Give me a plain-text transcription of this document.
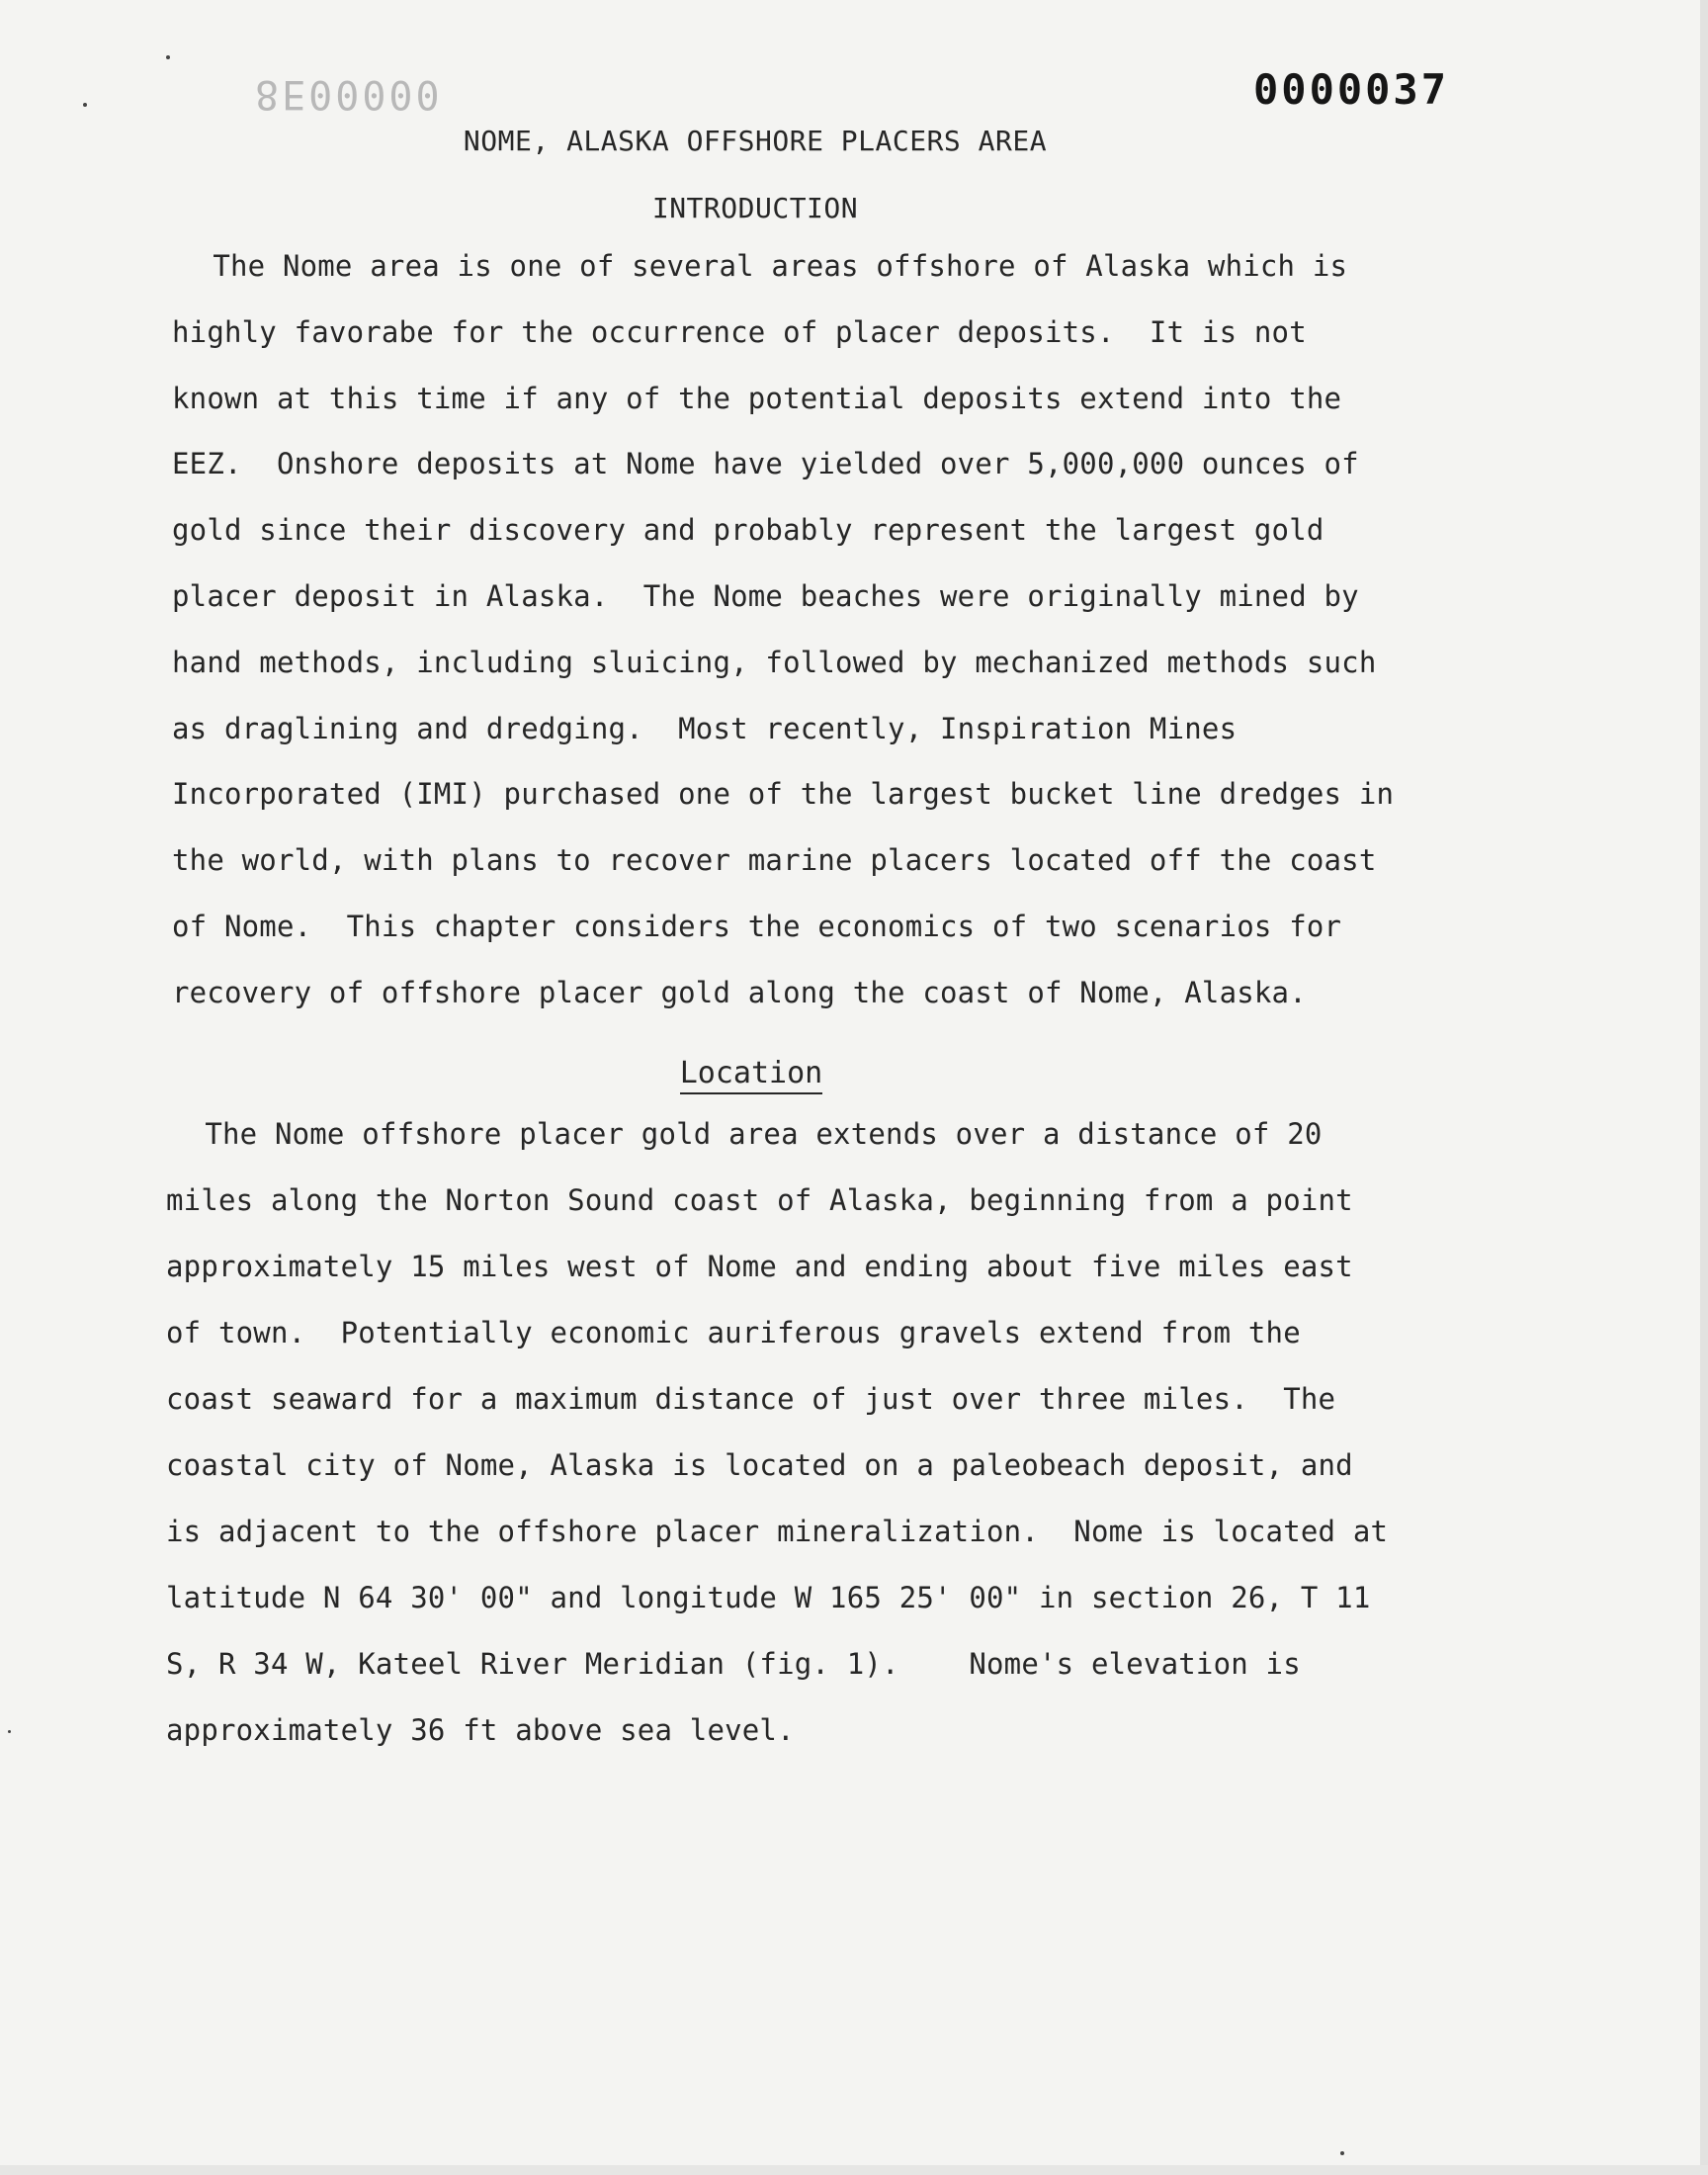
8E00000	0000037
NOME, ALASKA OFFSHORE PLACERS AREA
INTRODUCTION
The Nome area is one of several areas offshore of Alaska which is
highly favorabe for the occurrence of placer deposits.  It is not
known at this time if any of the potential deposits extend into the
EEZ.  Onshore deposits at Nome have yielded over 5,000,000 ounces of
gold since their discovery and probably represent the largest gold
placer deposit in Alaska.  The Nome beaches were originally mined by
hand methods, including sluicing, followed by mechanized methods such
as draglining and dredging.  Most recently, Inspiration Mines
Incorporated (IMI) purchased one of the largest bucket line dredges in
the world, with plans to recover marine placers located off the coast
of Nome.  This chapter considers the economics of two scenarios for
recovery of offshore placer gold along the coast of Nome, Alaska.
Location
The Nome offshore placer gold area extends over a distance of 20
miles along the Norton Sound coast of Alaska, beginning from a point
approximately 15 miles west of Nome and ending about five miles east
of town.  Potentially economic auriferous gravels extend from the
coast seaward for a maximum distance of just over three miles.  The
coastal city of Nome, Alaska is located on a paleobeach deposit, and
is adjacent to the offshore placer mineralization.  Nome is located at
latitude N 64 30' 00" and longitude W 165 25' 00" in section 26, T 11
S, R 34 W, Kateel River Meridian (fig. 1).    Nome's elevation is
approximately 36 ft above sea level.
